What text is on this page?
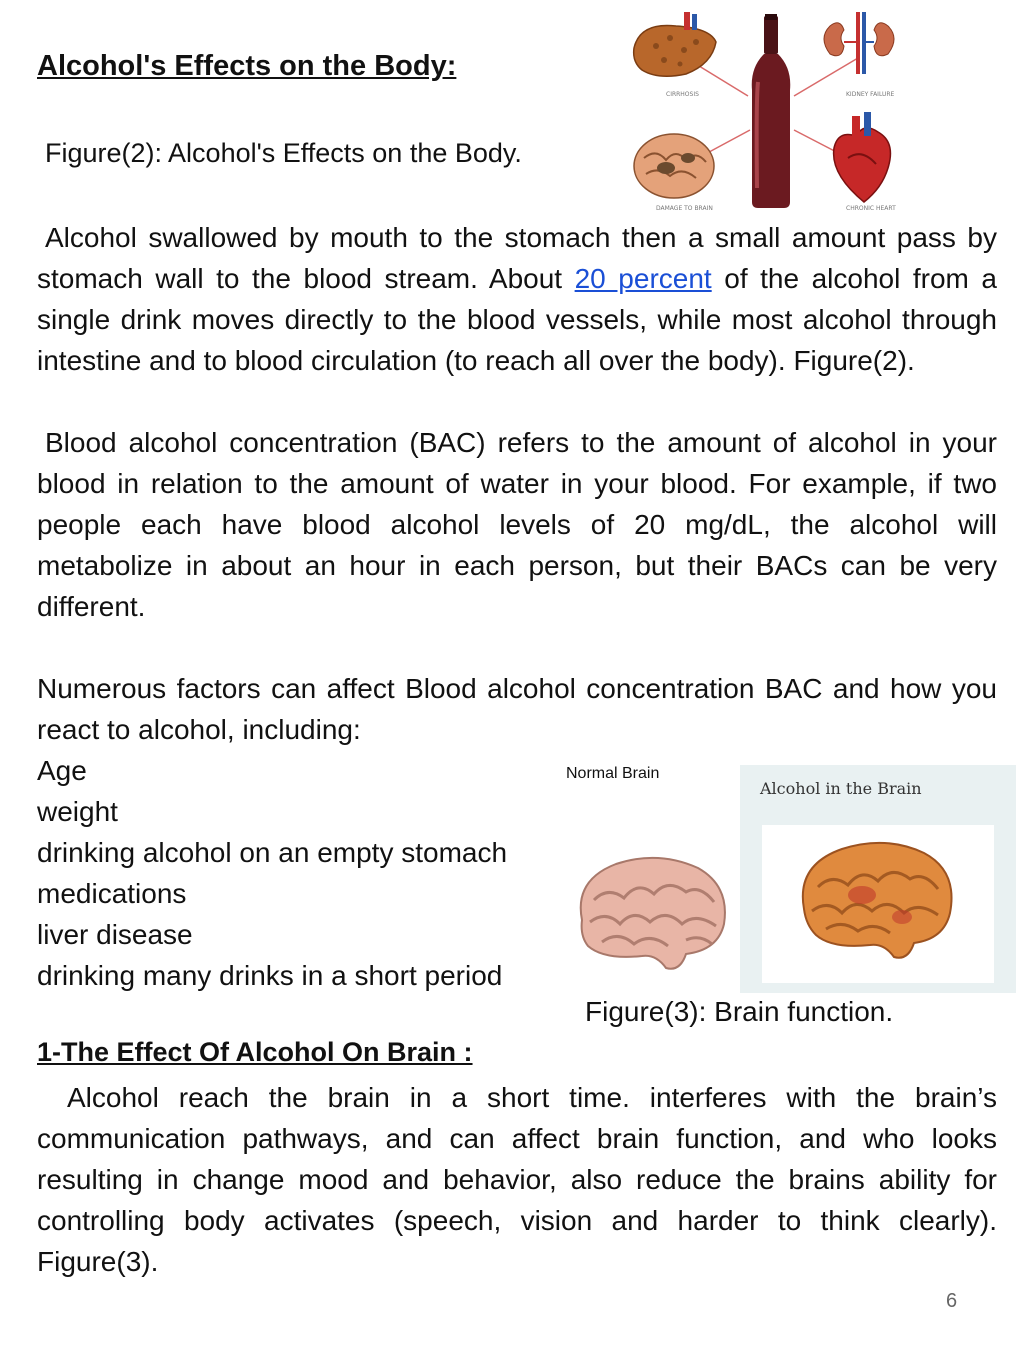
Alcohol's Effects on the Body:
Figure(2): Alcohol's Effects on the Body.
CIRRHOSIS	KIDNEY FAILURE
DAMAGE TO BRAIN	CHRONIC HEART

Alcohol swallowed by mouth to the stomach then a small amount pass by stomach wall to the blood stream. About 20 percent of the alcohol from a single drink moves directly to the blood vessels, while most alcohol through intestine and to blood circulation (to reach all over the body). Figure(2).

Blood alcohol concentration (BAC) refers to the amount of alcohol in your blood in relation to the amount of water in your blood. For example, if two people each have blood alcohol levels of 20 mg/dL, the alcohol will metabolize in about an hour in each person, but their BACs can be very different.

Numerous factors can affect Blood alcohol concentration BAC and how you react to alcohol, including:

Age
weight
drinking alcohol on an empty stomach
medications
liver disease
drinking many drinks in a short period
Normal Brain
Alcohol in the Brain
Figure(3): Brain function.
1-The Effect Of Alcohol On Brain :

Alcohol reach the brain in a short time. interferes with the brain’s communication pathways, and can affect brain function, and who looks resulting in change mood and behavior, also reduce the brains ability for controlling body activates (speech, vision and harder to think clearly). Figure(3).

6
